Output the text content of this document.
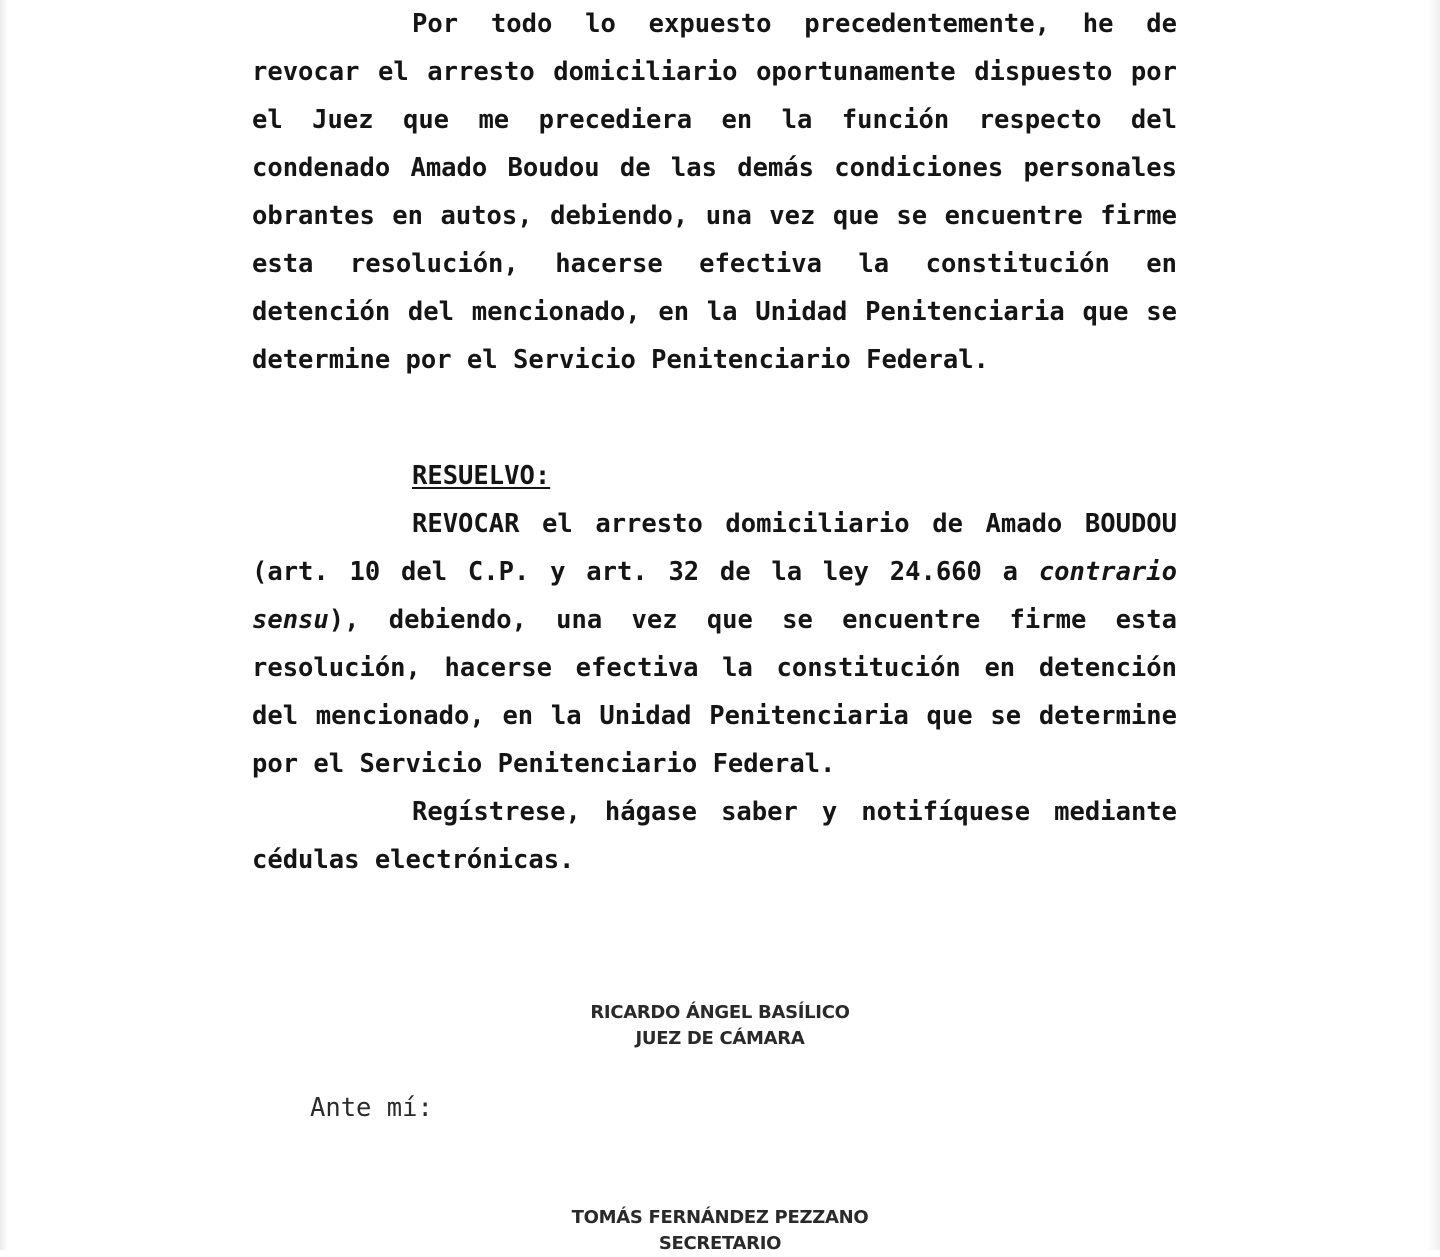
Por todo lo expuesto precedentemente, he de revocar el arresto domiciliario oportunamente dispuesto por el Juez que me precediera en la función respecto del condenado Amado Boudou de las demás condiciones personales obrantes en autos, debiendo, una vez que se encuentre firme esta resolución, hacerse efectiva la constitución en detención del mencionado, en la Unidad Penitenciaria que se determine por el Servicio Penitenciario Federal.

RESUELVO:

REVOCAR el arresto domiciliario de Amado BOUDOU (art. 10 del C.P. y art. 32 de la ley 24.660 a contrario sensu), debiendo, una vez que se encuentre firme esta resolución, hacerse efectiva la constitución en detención del mencionado, en la Unidad Penitenciaria que se determine por el Servicio Penitenciario Federal.

Regístrese, hágase saber y notifíquese mediante cédulas electrónicas.

Ante mí:
RICARDO ÁNGEL BASÍLICO
JUEZ DE CÁMARA
TOMÁS FERNÁNDEZ PEZZANO
SECRETARIO
